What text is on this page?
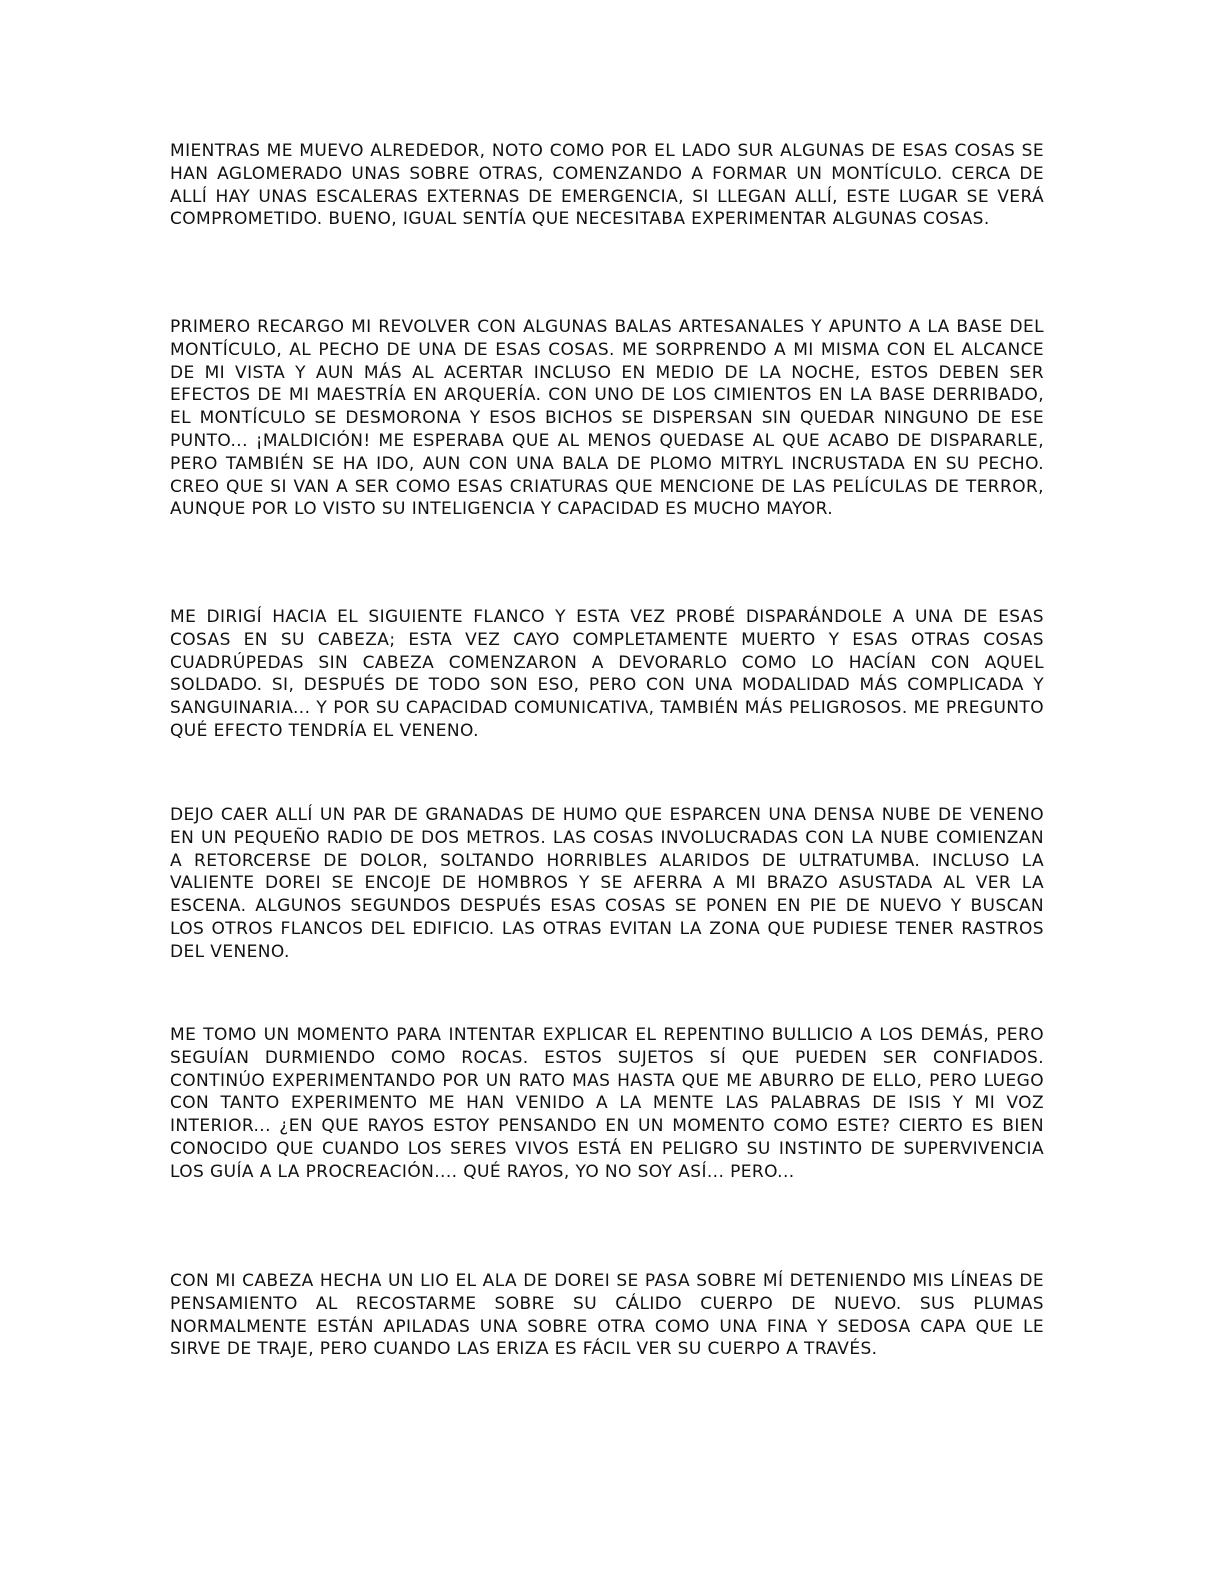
MIENTRAS ME MUEVO ALREDEDOR, NOTO COMO POR EL LADO SUR ALGUNAS DE ESAS COSAS SE HAN AGLOMERADO UNAS SOBRE OTRAS, COMENZANDO A FORMAR UN MONTÍCULO. CERCA DE ALLÍ HAY UNAS ESCALERAS EXTERNAS DE EMERGENCIA, SI LLEGAN ALLÍ, ESTE LUGAR SE VERÁ COMPROMETIDO. BUENO, IGUAL SENTÍA QUE NECESITABA EXPERIMENTAR ALGUNAS COSAS.

PRIMERO RECARGO MI REVOLVER CON ALGUNAS BALAS ARTESANALES Y APUNTO A LA BASE DEL MONTÍCULO, AL PECHO DE UNA DE ESAS COSAS. ME SORPRENDO A MI MISMA CON EL ALCANCE DE MI VISTA Y AUN MÁS AL ACERTAR INCLUSO EN MEDIO DE LA NOCHE, ESTOS DEBEN SER EFECTOS DE MI MAESTRÍA EN ARQUERÍA. CON UNO DE LOS CIMIENTOS EN LA BASE DERRIBADO, EL MONTÍCULO SE DESMORONA Y ESOS BICHOS SE DISPERSAN SIN QUEDAR NINGUNO DE ESE PUNTO... ¡MALDICIÓN! ME ESPERABA QUE AL MENOS QUEDASE AL QUE ACABO DE DISPARARLE, PERO TAMBIÉN SE HA IDO, AUN CON UNA BALA DE PLOMO MITRYL INCRUSTADA EN SU PECHO. CREO QUE SI VAN A SER COMO ESAS CRIATURAS QUE MENCIONE DE LAS PELÍCULAS DE TERROR, AUNQUE POR LO VISTO SU INTELIGENCIA Y CAPACIDAD ES MUCHO MAYOR.

ME DIRIGÍ HACIA EL SIGUIENTE FLANCO Y ESTA VEZ PROBÉ DISPARÁNDOLE A UNA DE ESAS COSAS EN SU CABEZA; ESTA VEZ CAYO COMPLETAMENTE MUERTO Y ESAS OTRAS COSAS CUADRÚPEDAS SIN CABEZA COMENZARON A DEVORARLO COMO LO HACÍAN CON AQUEL SOLDADO. SI, DESPUÉS DE TODO SON ESO, PERO CON UNA MODALIDAD MÁS COMPLICADA Y SANGUINARIA... Y POR SU CAPACIDAD COMUNICATIVA, TAMBIÉN MÁS PELIGROSOS. ME PREGUNTO QUÉ EFECTO TENDRÍA EL VENENO.

DEJO CAER ALLÍ UN PAR DE GRANADAS DE HUMO QUE ESPARCEN UNA DENSA NUBE DE VENENO EN UN PEQUEÑO RADIO DE DOS METROS. LAS COSAS INVOLUCRADAS CON LA NUBE COMIENZAN A RETORCERSE DE DOLOR, SOLTANDO HORRIBLES ALARIDOS DE ULTRATUMBA. INCLUSO LA VALIENTE DOREI SE ENCOJE DE HOMBROS Y SE AFERRA A MI BRAZO ASUSTADA AL VER LA ESCENA. ALGUNOS SEGUNDOS DESPUÉS ESAS COSAS SE PONEN EN PIE DE NUEVO Y BUSCAN LOS OTROS FLANCOS DEL EDIFICIO. LAS OTRAS EVITAN LA ZONA QUE PUDIESE TENER RASTROS DEL VENENO.

ME TOMO UN MOMENTO PARA INTENTAR EXPLICAR EL REPENTINO BULLICIO A LOS DEMÁS, PERO SEGUÍAN DURMIENDO COMO ROCAS. ESTOS SUJETOS SÍ QUE PUEDEN SER CONFIADOS. CONTINÚO EXPERIMENTANDO POR UN RATO MAS HASTA QUE ME ABURRO DE ELLO, PERO LUEGO CON TANTO EXPERIMENTO ME HAN VENIDO A LA MENTE LAS PALABRAS DE ISIS Y MI VOZ INTERIOR... ¿EN QUE RAYOS ESTOY PENSANDO EN UN MOMENTO COMO ESTE? CIERTO ES BIEN CONOCIDO QUE CUANDO LOS SERES VIVOS ESTÁ EN PELIGRO SU INSTINTO DE SUPERVIVENCIA LOS GUÍA A LA PROCREACIÓN.... QUÉ RAYOS, YO NO SOY ASÍ... PERO...

CON MI CABEZA HECHA UN LIO EL ALA DE DOREI SE PASA SOBRE MÍ DETENIENDO MIS LÍNEAS DE PENSAMIENTO AL RECOSTARME SOBRE SU CÁLIDO CUERPO DE NUEVO. SUS PLUMAS NORMALMENTE ESTÁN APILADAS UNA SOBRE OTRA COMO UNA FINA Y SEDOSA CAPA QUE LE SIRVE DE TRAJE, PERO CUANDO LAS ERIZA ES FÁCIL VER SU CUERPO A TRAVÉS.
